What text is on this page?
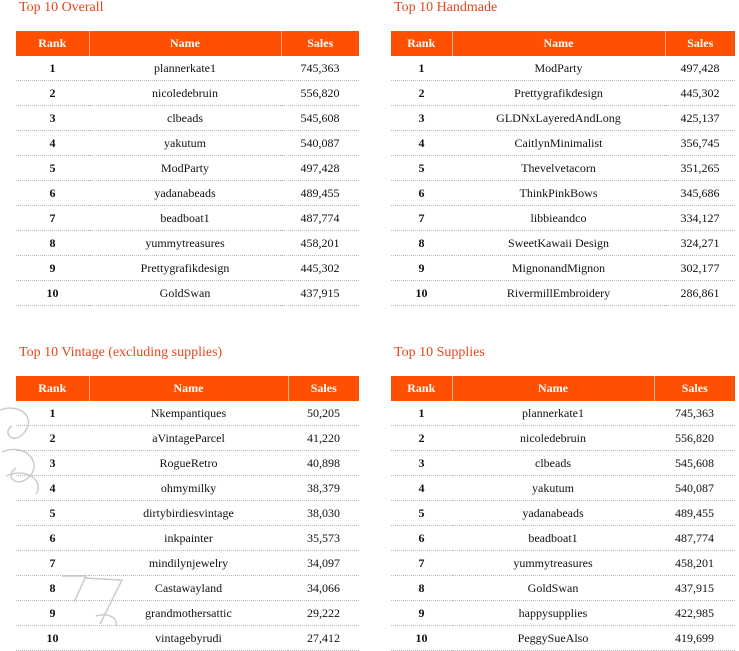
Top 10 Overall
Rank	Name	Sales
1	plannerkate1	745,363
2	nicoledebruin	556,820
3	clbeads	545,608
4	yakutum	540,087
5	ModParty	497,428
6	yadanabeads	489,455
7	beadboat1	487,774
8	yummytreasures	458,201
9	Prettygrafikdesign	445,302
10	GoldSwan	437,915
Top 10 Handmade
Rank	Name	Sales
1	ModParty	497,428
2	Prettygrafikdesign	445,302
3	GLDNxLayeredAndLong	425,137
4	CaitlynMinimalist	356,745
5	Thevelvetacorn	351,265
6	ThinkPinkBows	345,686
7	libbieandco	334,127
8	SweetKawaii Design	324,271
9	MignonandMignon	302,177
10	RivermillEmbroidery	286,861
Top 10 Vintage (excluding supplies)
Rank	Name	Sales
1	Nkempantiques	50,205
2	aVintageParcel	41,220
3	RogueRetro	40,898
4	ohmymilky	38,379
5	dirtybirdiesvintage	38,030
6	inkpainter	35,573
7	mindilynjewelry	34,097
8	Castawayland	34,066
9	grandmothersattic	29,222
10	vintagebyrudi	27,412
Top 10 Supplies
Rank	Name	Sales
1	plannerkate1	745,363
2	nicoledebruin	556,820
3	clbeads	545,608
4	yakutum	540,087
5	yadanabeads	489,455
6	beadboat1	487,774
7	yummytreasures	458,201
8	GoldSwan	437,915
9	happysupplies	422,985
10	PeggySueAlso	419,699
